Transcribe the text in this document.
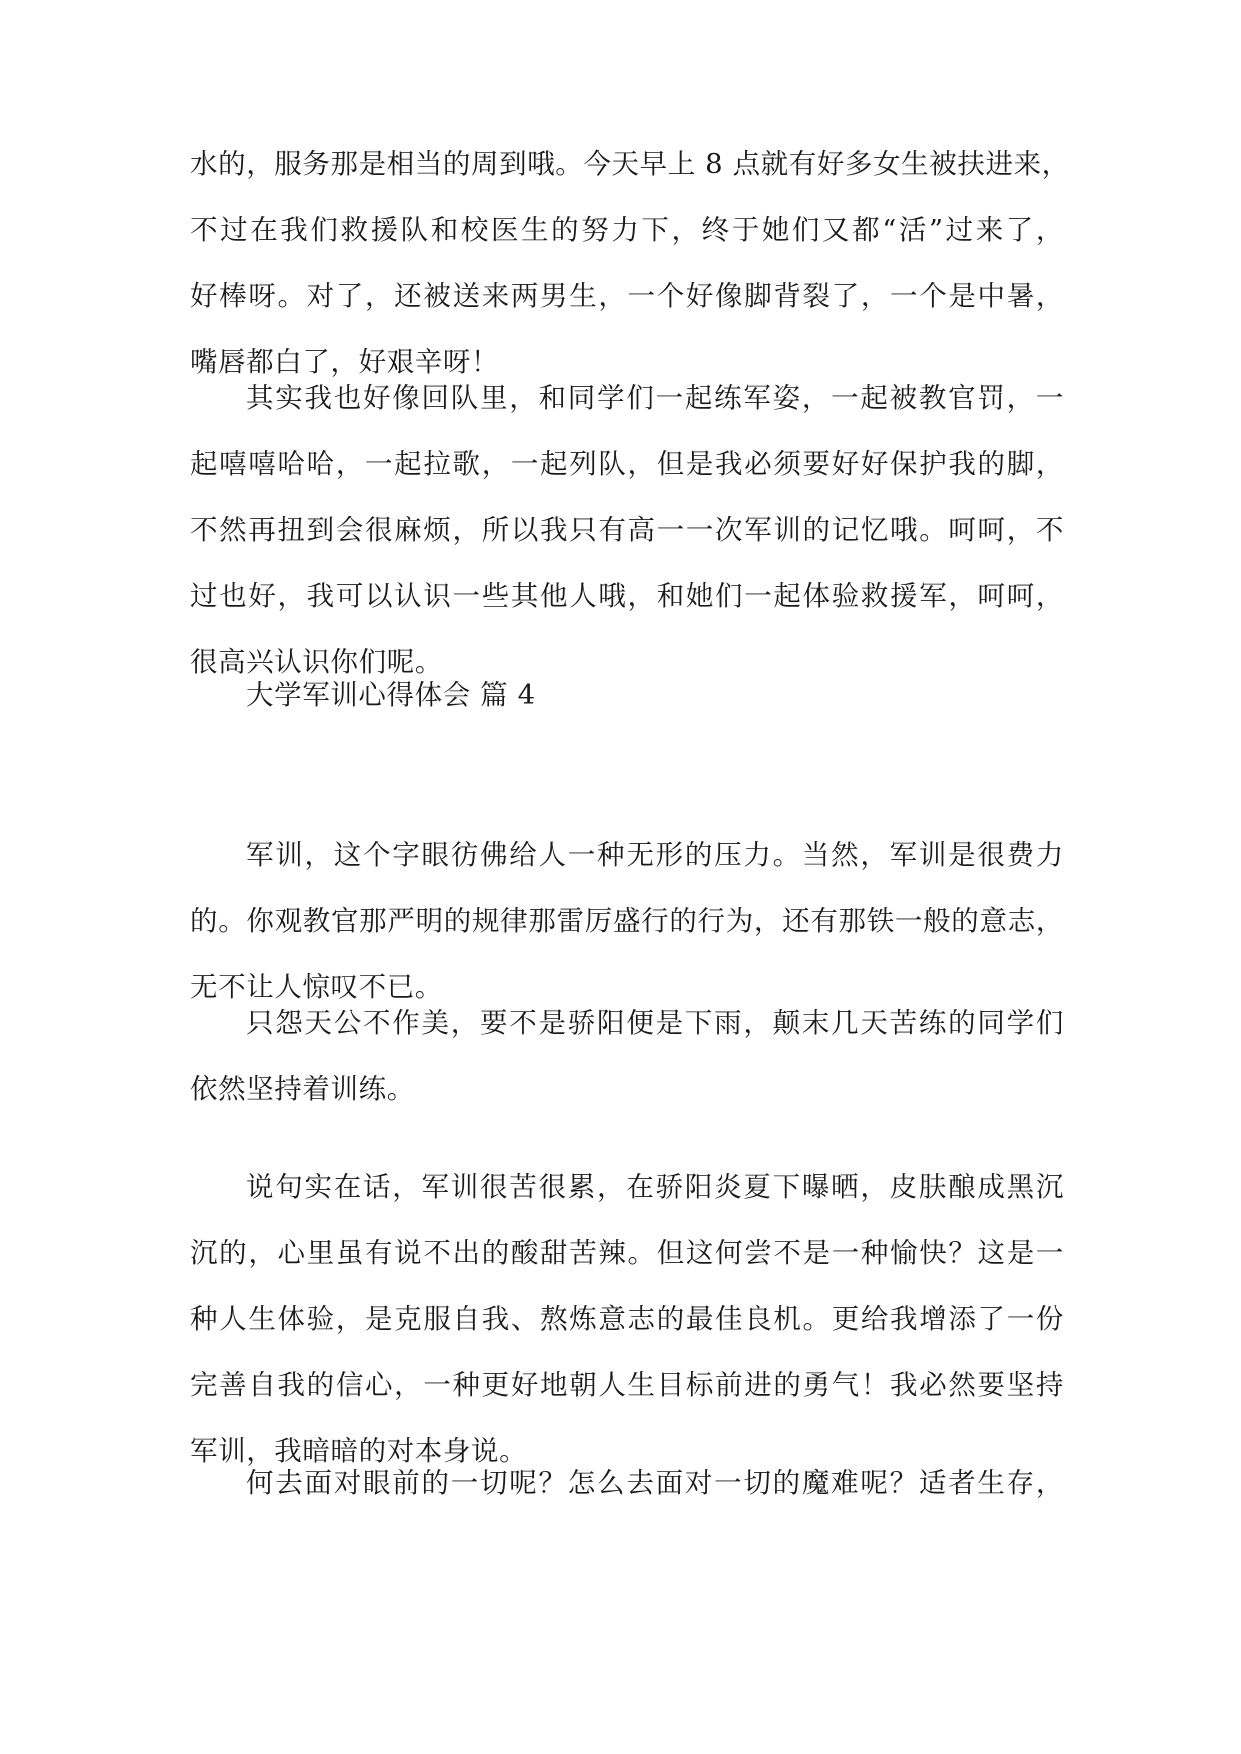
水的，服务那是相当的周到哦。今天早上 8 点就有好多女生被扶进来，
不过在我们救援队和校医生的努力下，终于她们又都“活”过来了，
好棒呀。对了，还被送来两男生，一个好像脚背裂了，一个是中暑，
嘴唇都白了，好艰辛呀！
其实我也好像回队里，和同学们一起练军姿，一起被教官罚，一
起嘻嘻哈哈，一起拉歌，一起列队，但是我必须要好好保护我的脚，
不然再扭到会很麻烦，所以我只有高一一次军训的记忆哦。呵呵，不
过也好，我可以认识一些其他人哦，和她们一起体验救援军，呵呵，
很高兴认识你们呢。
大学军训心得体会 篇 4
军训，这个字眼彷佛给人一种无形的压力。当然，军训是很费力
的。你观教官那严明的规律那雷厉盛行的行为，还有那铁一般的意志，
无不让人惊叹不已。
只怨天公不作美，要不是骄阳便是下雨，颠末几天苦练的同学们
依然坚持着训练。
说句实在话，军训很苦很累，在骄阳炎夏下曝晒，皮肤酿成黑沉
沉的，心里虽有说不出的酸甜苦辣。但这何尝不是一种愉快？这是一
种人生体验，是克服自我、熬炼意志的最佳良机。更给我增添了一份
完善自我的信心，一种更好地朝人生目标前进的勇气！我必然要坚持
军训，我暗暗的对本身说。
何去面对眼前的一切呢？怎么去面对一切的魔难呢？适者生存，
